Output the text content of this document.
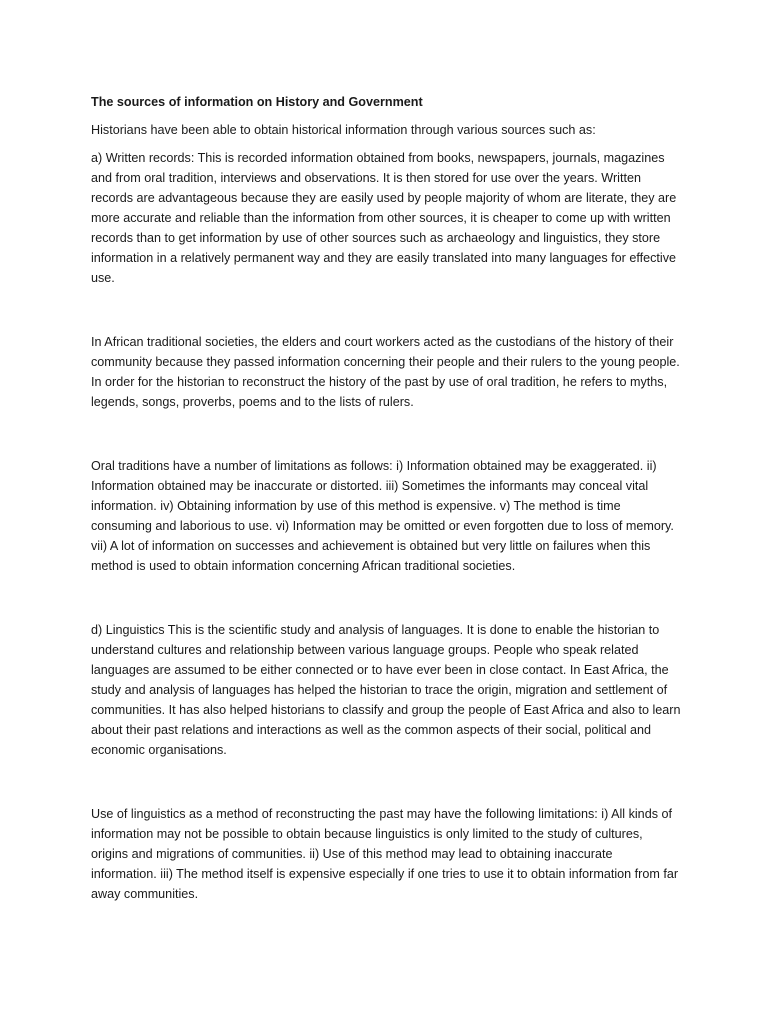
The sources of information on History and Government

Historians have been able to obtain historical information through various sources such as:

a) Written records: This is recorded information obtained from books, newspapers, journals, magazines and from oral tradition, interviews and observations. It is then stored for use over the years. Written records are advantageous because they are easily used by people majority of whom are literate, they are more accurate and reliable than the information from other sources, it is cheaper to come up with written records than to get information by use of other sources such as archaeology and linguistics, they store information in a relatively permanent way and they are easily translated into many languages for effective use.

In African traditional societies, the elders and court workers acted as the custodians of the history of their community because they passed information concerning their people and their rulers to the young people. In order for the historian to reconstruct the history of the past by use of oral tradition, he refers to myths, legends, songs, proverbs, poems and to the lists of rulers.

Oral traditions have a number of limitations as follows: i) Information obtained may be exaggerated. ii) Information obtained may be inaccurate or distorted. iii) Sometimes the informants may conceal vital information. iv) Obtaining information by use of this method is expensive. v) The method is time consuming and laborious to use. vi) Information may be omitted or even forgotten due to loss of memory. vii) A lot of information on successes and achievement is obtained but very little on failures when this method is used to obtain information concerning African traditional societies.

d) Linguistics This is the scientific study and analysis of languages. It is done to enable the historian to understand cultures and relationship between various language groups. People who speak related languages are assumed to be either connected or to have ever been in close contact. In East Africa, the study and analysis of languages has helped the historian to trace the origin, migration and settlement of communities. It has also helped historians to classify and group the people of East Africa and also to learn about their past relations and interactions as well as the common aspects of their social, political and economic organisations.

Use of linguistics as a method of reconstructing the past may have the following limitations: i) All kinds of information may not be possible to obtain because linguistics is only limited to the study of cultures, origins and migrations of communities. ii) Use of this method may lead to obtaining inaccurate information. iii) The method itself is expensive especially if one tries to use it to obtain information from far away communities.
